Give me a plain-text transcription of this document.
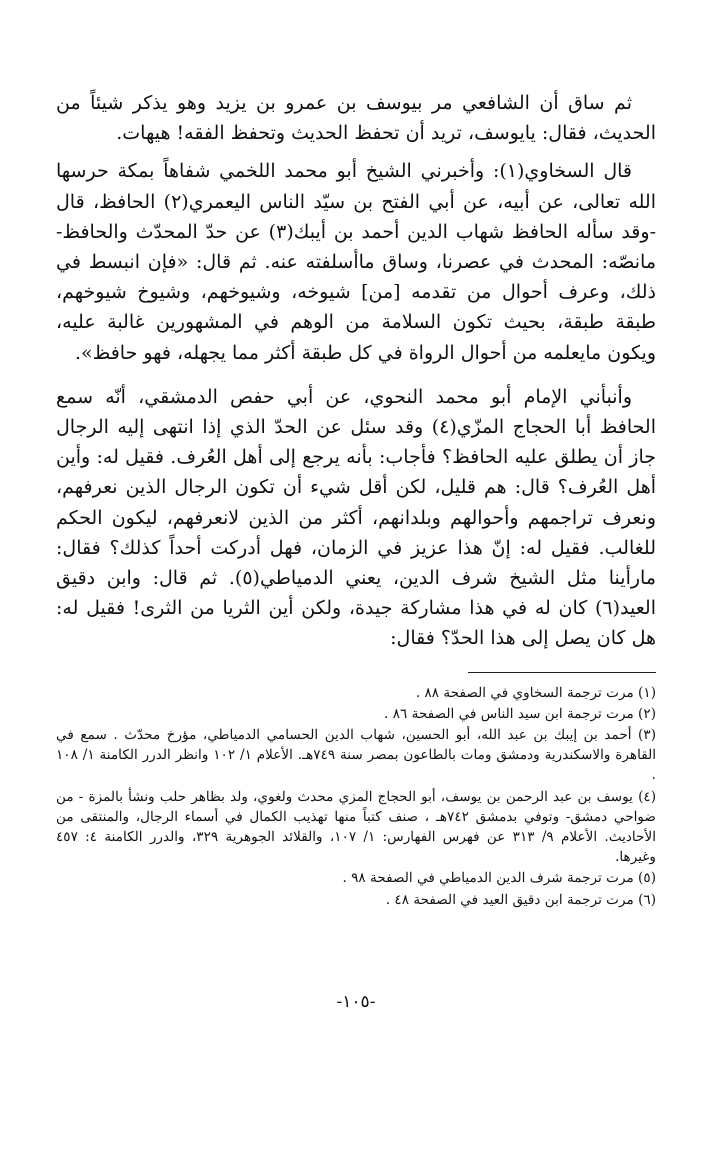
ثم ساق أن الشافعي مر بيوسف بن عمرو بن يزيد وهو يذكر شيئاً من الحديث، فقال: يايوسف، تريد أن تحفظ الحديث وتحفظ الفقه! هيهات.

قال السخاوي(١): وأخبرني الشيخ أبو محمد اللخمي شفاهاً بمكة حرسها الله تعالى، عن أبيه، عن أبي الفتح بن سيّد الناس اليعمري(٢) الحافظ، قال -وقد سأله الحافظ شهاب الدين أحمد بن أيبك(٣) عن حدّ المحدّث والحافظ- مانصّه: المحدث في عصرنا، وساق ماأسلفته عنه. ثم قال: «فإن انبسط في ذلك، وعرف أحوال من تقدمه [من] شيوخه، وشيوخهم، وشيوخ شيوخهم، طبقة طبقة، بحيث تكون السلامة من الوهم في المشهورين غالبة عليه، ويكون مايعلمه من أحوال الرواة في كل طبقة أكثر مما يجهله، فهو حافظ».

وأنبأني الإمام أبو محمد النحوي، عن أبي حفص الدمشقي، أنّه سمع الحافظ أبا الحجاج المزّي(٤) وقد سئل عن الحدّ الذي إذا انتهى إليه الرجال جاز أن يطلق عليه الحافظ؟ فأجاب: بأنه يرجع إلى أهل العُرف. فقيل له: وأين أهل العُرف؟ قال: هم قليل، لكن أقل شيء أن تكون الرجال الذين نعرفهم، ونعرف تراجمهم وأحوالهم وبلدانهم، أكثر من الذين لانعرفهم، ليكون الحكم للغالب. فقيل له: إنّ هذا عزيز في الزمان، فهل أدركت أحداً كذلك؟ فقال: مارأينا مثل الشيخ شرف الدين، يعني الدمياطي(٥). ثم قال: وابن دقيق العيد(٦) كان له في هذا مشاركة جيدة، ولكن أين الثريا من الثرى! فقيل له: هل كان يصل إلى هذا الحدّ؟ فقال:

(١) مرت ترجمة السخاوي في الصفحة ٨٨ .

(٢) مرت ترجمة ابن سيد الناس في الصفحة ٨٦ .

(٣) أحمد بن إيبك بن عبد الله، أبو الحسين، شهاب الدين الحسامي الدمياطي، مؤرخ محدّث . سمع في القاهرة والاسكندرية ودمشق ومات بالطاعون بمصر سنة ٧٤٩هـ. الأعلام ١/ ١٠٢ وانظر الدرر الكامنة ١/ ١٠٨ .

(٤) يوسف بن عبد الرحمن بن يوسف، أبو الحجاج المزي محدث ولغوي، ولد بظاهر حلب ونشأ بالمزة - من ضواحي دمشق- وتوفي بدمشق ٧٤٢هـ ، صنف كتباً منها تهذيب الكمال في أسماء الرجال، والمنتقى من الأحاديث. الأعلام ٩/ ٣١٣ عن فهرس الفهارس: ١/ ١٠٧، والقلائد الجوهرية ٣٢٩، والدرر الكامنة ٤: ٤٥٧ وغيرها.

(٥) مرت ترجمة شرف الدين الدمياطي في الصفحة ٩٨ .

(٦) مرت ترجمة ابن دقيق العيد في الصفحة ٤٨ .

-١٠٥-
